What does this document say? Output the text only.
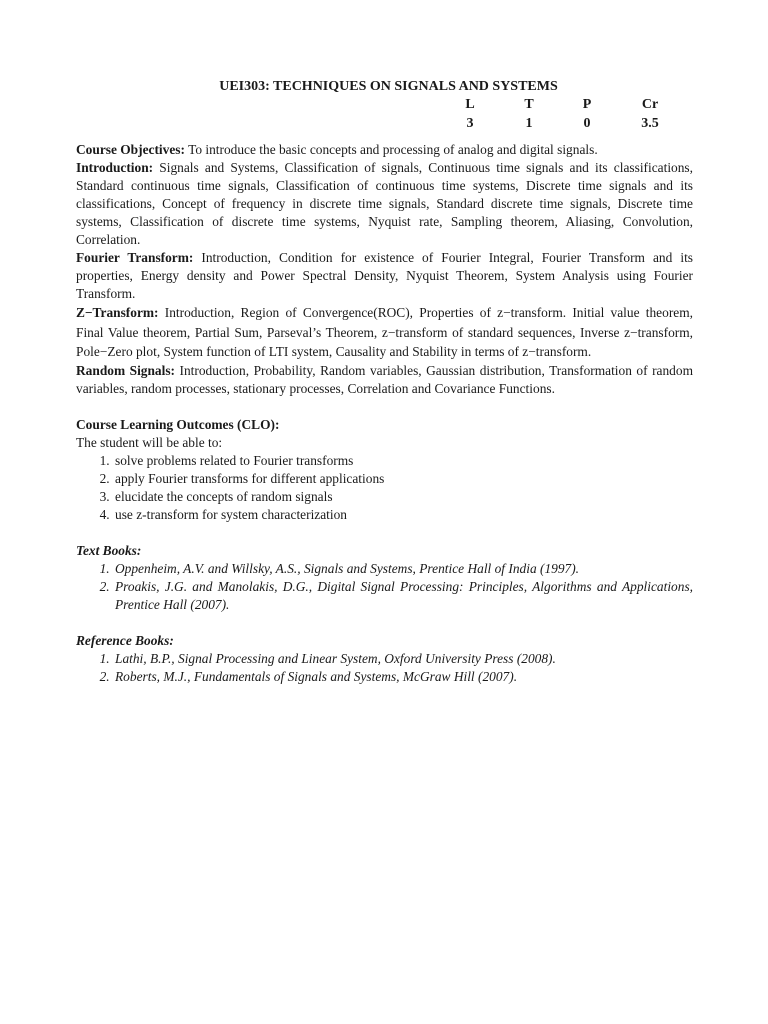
UEI303: TECHNIQUES ON SIGNALS AND SYSTEMS
L	T	P	Cr
3	1	0	3.5

Course Objectives: To introduce the basic concepts and processing of analog and digital signals.

Introduction: Signals and Systems, Classification of signals, Continuous time signals and its classifications, Standard continuous time signals, Classification of continuous time systems, Discrete time signals and its classifications, Concept of frequency in discrete time signals, Standard discrete time signals, Discrete time systems, Classification of discrete time systems, Nyquist rate, Sampling theorem, Aliasing, Convolution, Correlation.

Fourier Transform: Introduction, Condition for existence of Fourier Integral, Fourier Transform and its properties, Energy density and Power Spectral Density, Nyquist Theorem, System Analysis using Fourier Transform.

Z−Transform: Introduction, Region of Convergence(ROC), Properties of z−transform. Initial value theorem, Final Value theorem, Partial Sum, Parseval’s Theorem, z−transform of standard sequences, Inverse z−transform, Pole−Zero plot, System function of LTI system, Causality and Stability in terms of z−transform.

Random Signals: Introduction, Probability, Random variables, Gaussian distribution, Transformation of random variables, random processes, stationary processes, Correlation and Covariance Functions.

Course Learning Outcomes (CLO):

The student will be able to:

1. solve problems related to Fourier transforms
2. apply Fourier transforms for different applications
3. elucidate the concepts of random signals
4. use z-transform for system characterization

Text Books:

1. Oppenheim, A.V. and Willsky, A.S., Signals and Systems, Prentice Hall of India (1997).
2. Proakis, J.G. and Manolakis, D.G., Digital Signal Processing: Principles, Algorithms and Applications, Prentice Hall (2007).

Reference Books:

1. Lathi, B.P., Signal Processing and Linear System, Oxford University Press (2008).
2. Roberts, M.J., Fundamentals of Signals and Systems, McGraw Hill (2007).
